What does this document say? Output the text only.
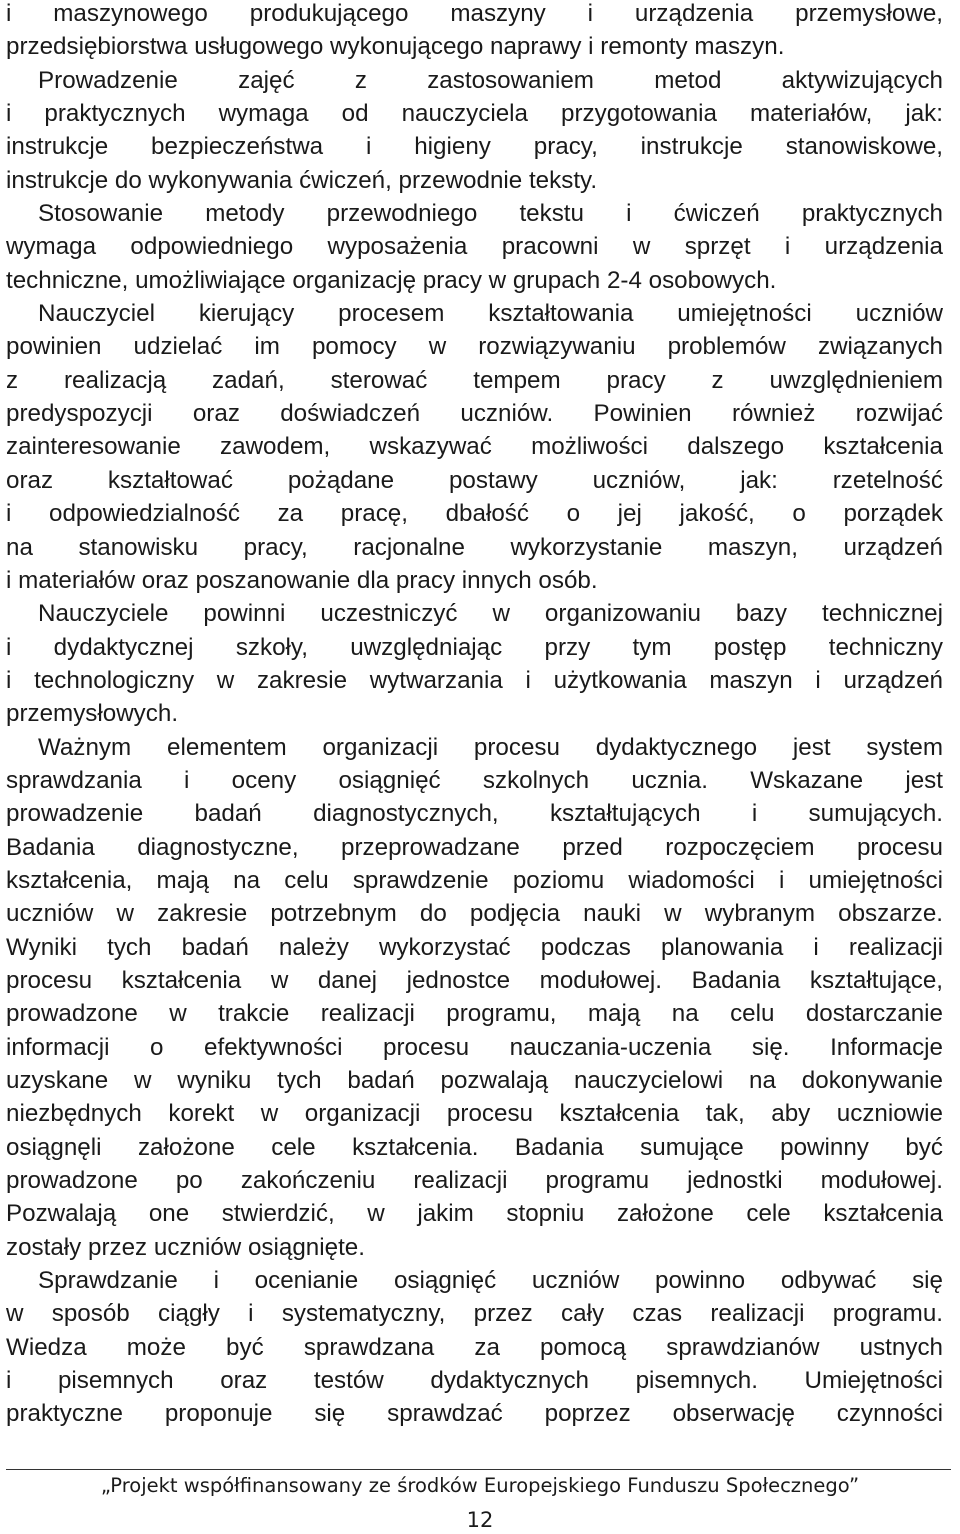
i maszynowego produkującego maszyny i urządzenia przemysłowe,
przedsiębiorstwa usługowego wykonującego naprawy i remonty maszyn.
Prowadzenie zajęć z zastosowaniem metod aktywizujących
i praktycznych wymaga od nauczyciela przygotowania materiałów, jak:
instrukcje bezpieczeństwa i higieny pracy, instrukcje stanowiskowe,
instrukcje do wykonywania ćwiczeń, przewodnie teksty.
Stosowanie metody przewodniego tekstu i ćwiczeń praktycznych
wymaga odpowiedniego wyposażenia pracowni w sprzęt i urządzenia
techniczne, umożliwiające organizację pracy w grupach 2-4 osobowych.
Nauczyciel kierujący procesem kształtowania umiejętności uczniów
powinien udzielać im pomocy w rozwiązywaniu problemów związanych
z realizacją zadań, sterować tempem pracy z uwzględnieniem
predyspozycji oraz doświadczeń uczniów. Powinien również rozwijać
zainteresowanie zawodem, wskazywać możliwości dalszego kształcenia
oraz kształtować pożądane postawy uczniów, jak: rzetelność
i odpowiedzialność za pracę, dbałość o jej jakość, o porządek
na stanowisku pracy, racjonalne wykorzystanie maszyn, urządzeń
i materiałów oraz poszanowanie dla pracy innych osób.
Nauczyciele powinni uczestniczyć w organizowaniu bazy technicznej
i dydaktycznej szkoły, uwzględniając przy tym postęp techniczny
i technologiczny w zakresie wytwarzania i użytkowania maszyn i urządzeń
przemysłowych.
Ważnym elementem organizacji procesu dydaktycznego jest system
sprawdzania i oceny osiągnięć szkolnych ucznia. Wskazane jest
prowadzenie badań diagnostycznych, kształtujących i sumujących.
Badania diagnostyczne, przeprowadzane przed rozpoczęciem procesu
kształcenia, mają na celu sprawdzenie poziomu wiadomości i umiejętności
uczniów w zakresie potrzebnym do podjęcia nauki w wybranym obszarze.
Wyniki tych badań należy wykorzystać podczas planowania i realizacji
procesu kształcenia w danej jednostce modułowej. Badania kształtujące,
prowadzone w trakcie realizacji programu, mają na celu dostarczanie
informacji o efektywności procesu nauczania-uczenia się. Informacje
uzyskane w wyniku tych badań pozwalają nauczycielowi na dokonywanie
niezbędnych korekt w organizacji procesu kształcenia tak, aby uczniowie
osiągnęli założone cele kształcenia. Badania sumujące powinny być
prowadzone po zakończeniu realizacji programu jednostki modułowej.
Pozwalają one stwierdzić, w jakim stopniu założone cele kształcenia
zostały przez uczniów osiągnięte.
Sprawdzanie i ocenianie osiągnięć uczniów powinno odbywać się
w sposób ciągły i systematyczny, przez cały czas realizacji programu.
Wiedza może być sprawdzana za pomocą sprawdzianów ustnych
i pisemnych oraz testów dydaktycznych pisemnych. Umiejętności
praktyczne proponuje się sprawdzać poprzez obserwację czynności
„Projekt współfinansowany ze środków Europejskiego Funduszu Społecznego”
12
